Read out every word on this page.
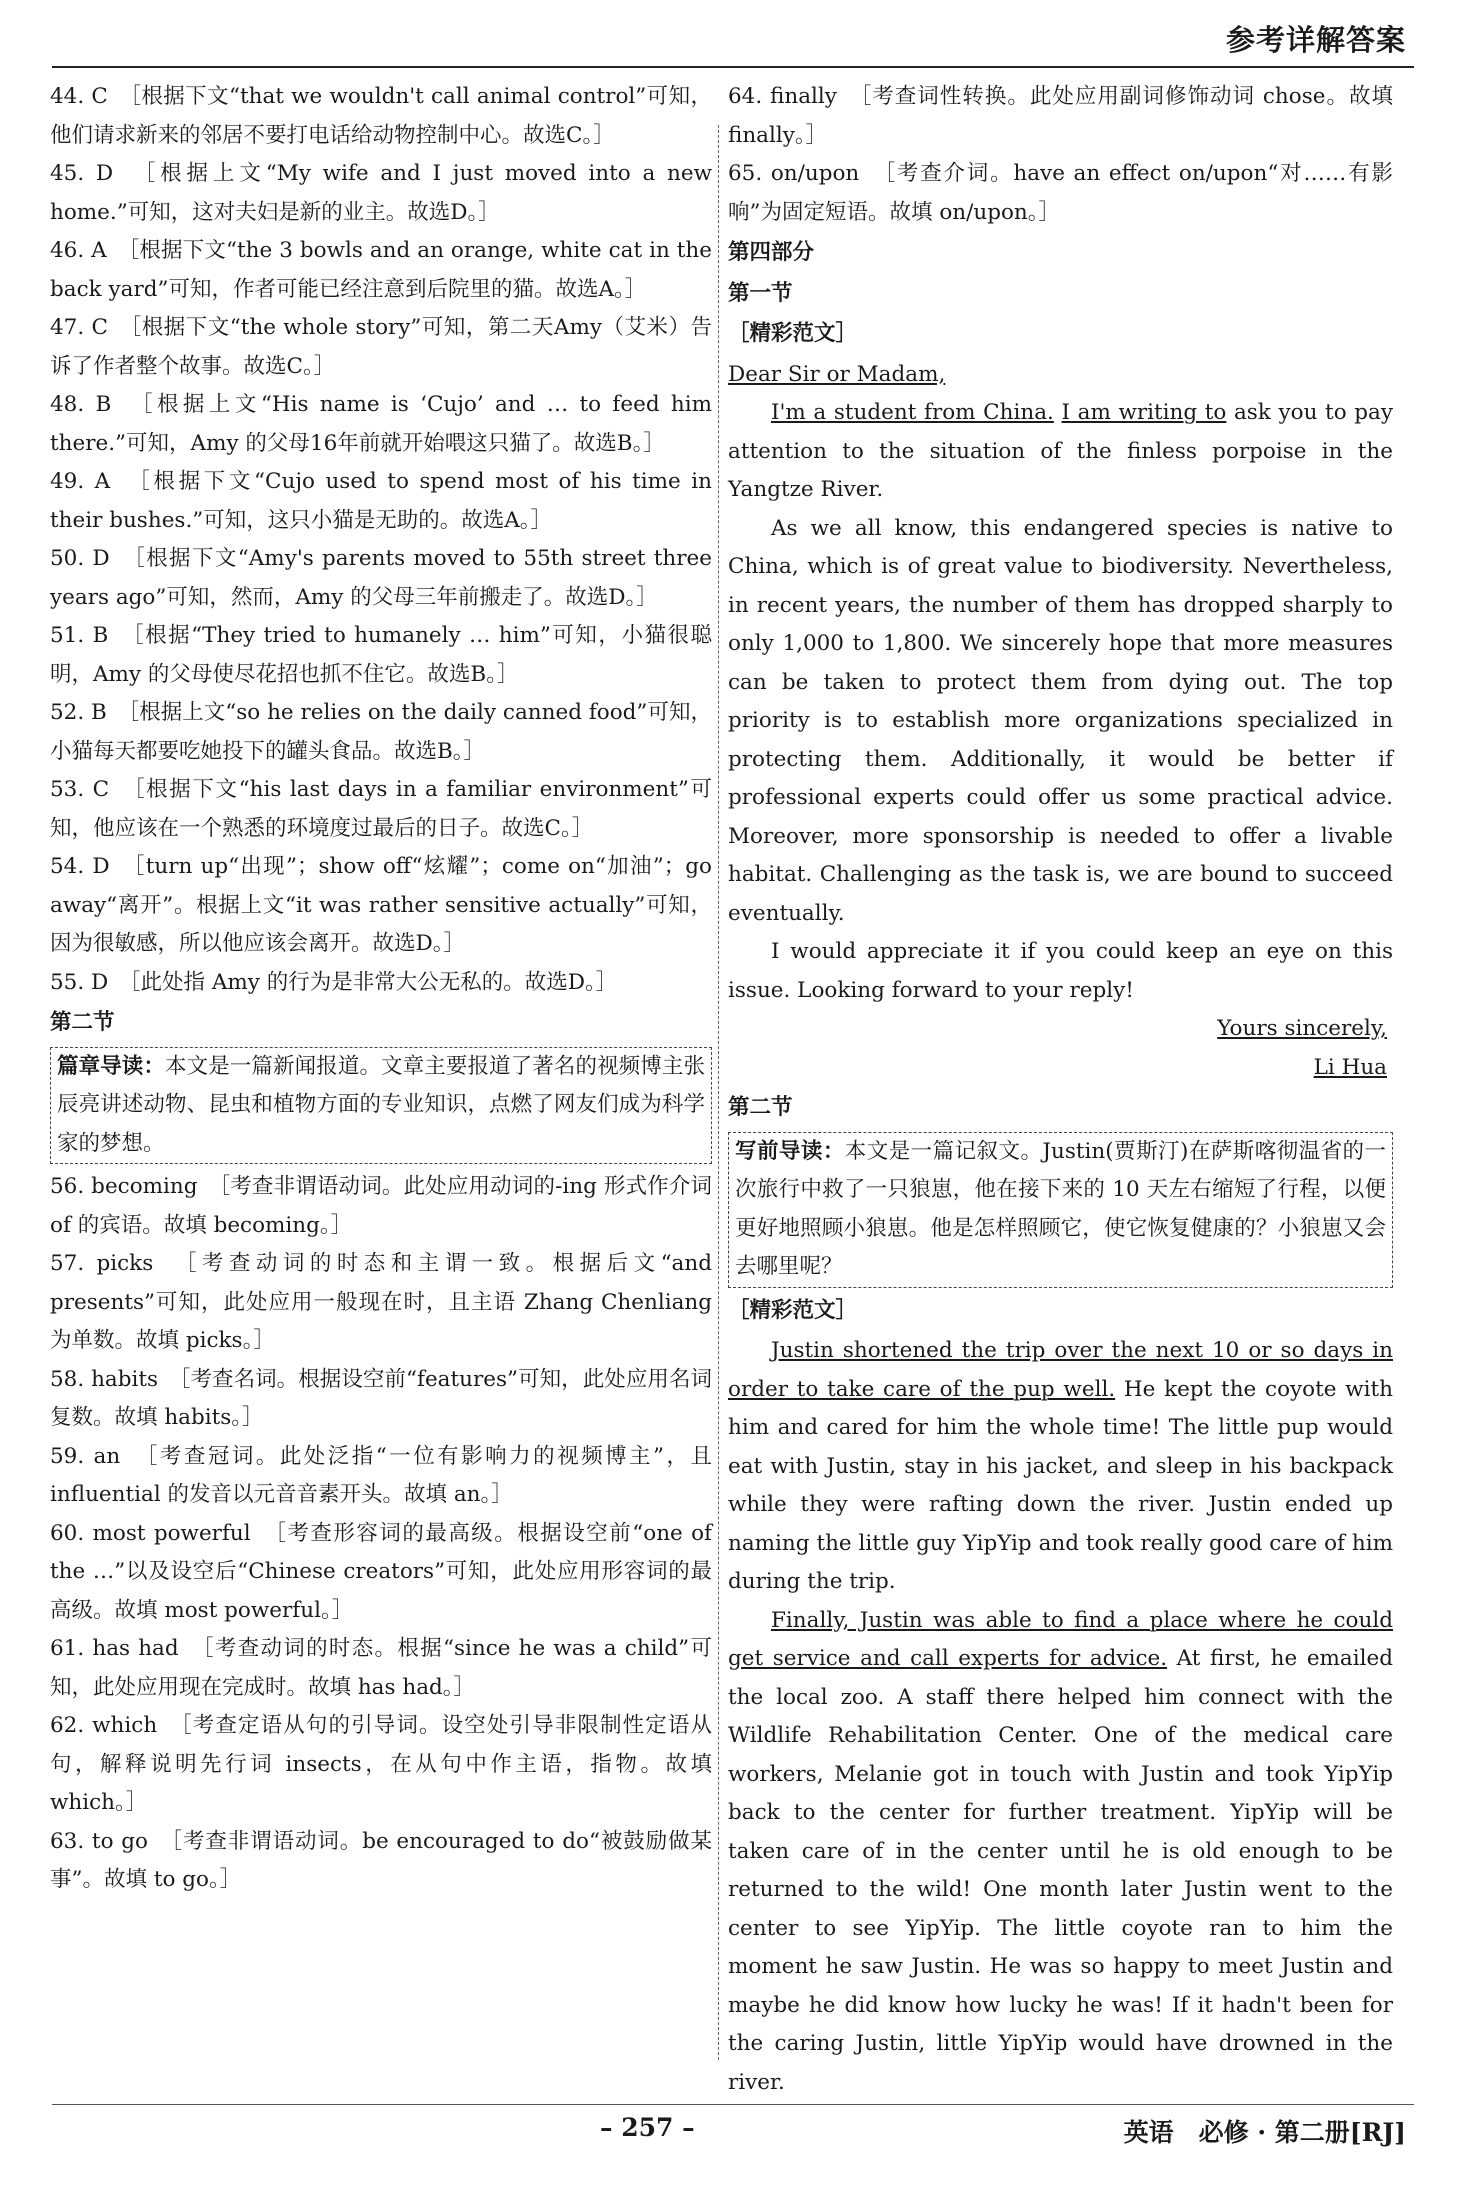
参考详解答案
44. C　［根据下文“that we wouldn't call animal control”可知，他们请求新来的邻居不要打电话给动物控制中心。故选C。］
45. D　［根据上文“My wife and I just moved into a new home.”可知，这对夫妇是新的业主。故选D。］
46. A　［根据下文“the 3 bowls and an orange, white cat in the back yard”可知，作者可能已经注意到后院里的猫。故选A。］
47. C　［根据下文“the whole story”可知，第二天Amy（艾米）告诉了作者整个故事。故选C。］
48. B　［根据上文“His name is ‘Cujo’ and … to feed him there.”可知，Amy 的父母16年前就开始喂这只猫了。故选B。］
49. A　［根据下文“Cujo used to spend most of his time in their bushes.”可知，这只小猫是无助的。故选A。］
50. D　［根据下文“Amy's parents moved to 55th street three years ago”可知，然而，Amy 的父母三年前搬走了。故选D。］
51. B　［根据“They tried to humanely … him”可知，小猫很聪明，Amy 的父母使尽花招也抓不住它。故选B。］
52. B　［根据上文“so he relies on the daily canned food”可知，小猫每天都要吃她投下的罐头食品。故选B。］
53. C　［根据下文“his last days in a familiar environment”可知，他应该在一个熟悉的环境度过最后的日子。故选C。］
54. D　［turn up“出现”；show off“炫耀”；come on“加油”；go away“离开”。根据上文“it was rather sensitive actually”可知，因为很敏感，所以他应该会离开。故选D。］
55. D　［此处指 Amy 的行为是非常大公无私的。故选D。］
第二节
篇章导读：本文是一篇新闻报道。文章主要报道了著名的视频博主张辰亮讲述动物、昆虫和植物方面的专业知识，点燃了网友们成为科学家的梦想。
56. becoming　［考查非谓语动词。此处应用动词的-ing 形式作介词 of 的宾语。故填 becoming。］
57. picks　［考查动词的时态和主谓一致。根据后文“and presents”可知，此处应用一般现在时，且主语 Zhang Chenliang 为单数。故填 picks。］
58. habits　［考查名词。根据设空前“features”可知，此处应用名词复数。故填 habits。］
59. an　［考查冠词。此处泛指“一位有影响力的视频博主”，且 influential 的发音以元音音素开头。故填 an。］
60. most powerful　［考查形容词的最高级。根据设空前“one of the …”以及设空后“Chinese creators”可知，此处应用形容词的最高级。故填 most powerful。］
61. has had　［考查动词的时态。根据“since he was a child”可知，此处应用现在完成时。故填 has had。］
62. which　［考查定语从句的引导词。设空处引导非限制性定语从句，解释说明先行词 insects，在从句中作主语，指物。故填 which。］
63. to go　［考查非谓语动词。be encouraged to do“被鼓励做某事”。故填 to go。］
64. finally　［考查词性转换。此处应用副词修饰动词 chose。故填 finally。］
65. on/upon　［考查介词。have an effect on/upon“对……有影响”为固定短语。故填 on/upon。］
第四部分
第一节
［精彩范文］
Dear Sir or Madam,
I'm a student from China. I am writing to ask you to pay attention to the situation of the finless porpoise in the Yangtze River.
As we all know, this endangered species is native to China, which is of great value to biodiversity. Nevertheless, in recent years, the number of them has dropped sharply to only 1,000 to 1,800. We sincerely hope that more measures can be taken to protect them from dying out. The top priority is to establish more organizations specialized in protecting them. Additionally, it would be better if professional experts could offer us some practical advice. Moreover, more sponsorship is needed to offer a livable habitat. Challenging as the task is, we are bound to succeed eventually.
I would appreciate it if you could keep an eye on this issue. Looking forward to your reply!
Yours sincerely,
Li Hua
第二节
写前导读：本文是一篇记叙文。Justin(贾斯汀)在萨斯喀彻温省的一次旅行中救了一只狼崽，他在接下来的 10 天左右缩短了行程，以便更好地照顾小狼崽。他是怎样照顾它，使它恢复健康的？小狼崽又会去哪里呢？
［精彩范文］
Justin shortened the trip over the next 10 or so days in order to take care of the pup well. He kept the coyote with him and cared for him the whole time! The little pup would eat with Justin, stay in his jacket, and sleep in his backpack while they were rafting down the river. Justin ended up naming the little guy YipYip and took really good care of him during the trip.
Finally, Justin was able to find a place where he could get service and call experts for advice. At first, he emailed the local zoo. A staff there helped him connect with the Wildlife Rehabilitation Center. One of the medical care workers, Melanie got in touch with Justin and took YipYip back to the center for further treatment. YipYip will be taken care of in the center until he is old enough to be returned to the wild! One month later Justin went to the center to see YipYip. The little coyote ran to him the moment he saw Justin. He was so happy to meet Justin and maybe he did know how lucky he was! If it hadn't been for the caring Justin, little YipYip would have drowned in the river.
– 257 –	英语　必修 · 第二册[RJ]
